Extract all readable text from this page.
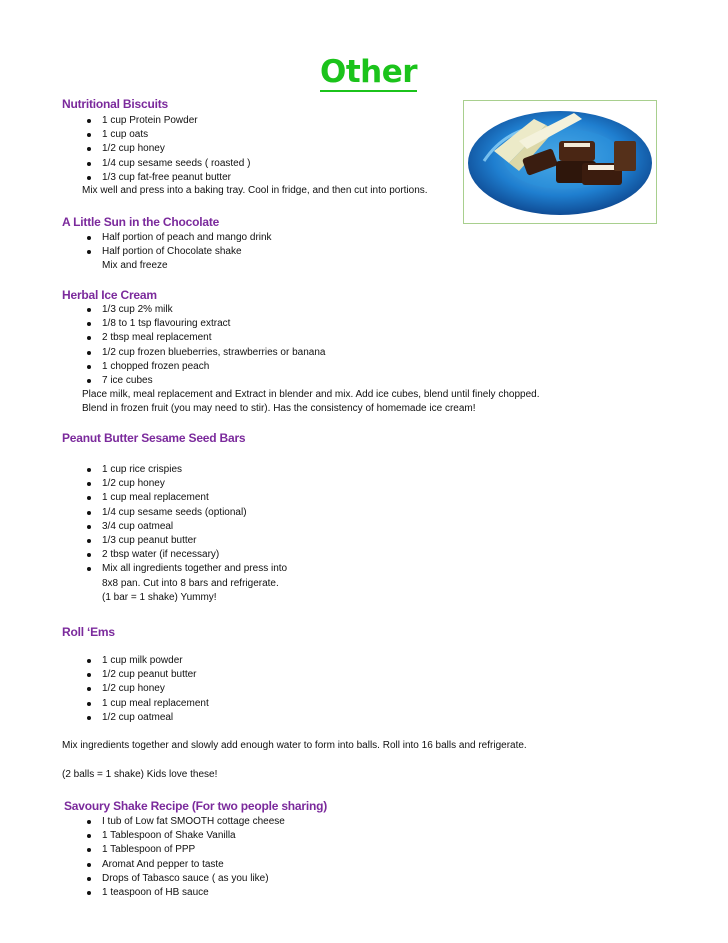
Other
Nutritional Biscuits
1 cup Protein Powder
1 cup oats
1/2 cup honey
1/4 cup sesame seeds ( roasted )
1/3 cup fat-free peanut butter

Mix well and press into a baking tray. Cool in fridge, and then cut into portions.

A Little Sun in the Chocolate
Half portion of peach and mango drink
Half portion of Chocolate shake
Mix and freeze
Herbal Ice Cream
1/3 cup 2% milk
1/8 to 1 tsp flavouring extract
2 tbsp meal replacement
1/2 cup frozen blueberries, strawberries or banana
1 chopped frozen peach
7 ice cubes

Place milk, meal replacement and Extract in blender and mix. Add ice cubes, blend until finely chopped.

Blend in frozen fruit (you may need to stir). Has the consistency of homemade ice cream!

Peanut Butter Sesame Seed Bars
1 cup rice crispies
1/2 cup honey
1 cup meal replacement
1/4 cup sesame seeds (optional)
3/4 cup oatmeal
1/3 cup peanut butter
2 tbsp water (if necessary)
Mix all ingredients together and press into
8x8 pan. Cut into 8 bars and refrigerate.
(1 bar = 1 shake) Yummy!
Roll ‘Ems
1 cup milk powder
1/2 cup peanut butter
1/2 cup honey
1 cup meal replacement
1/2 cup oatmeal

Mix ingredients together and slowly add enough water to form into balls. Roll into 16 balls and refrigerate.

(2 balls = 1 shake) Kids love these!

Savoury Shake Recipe (For two people sharing)
I tub of Low fat SMOOTH cottage cheese
1 Tablespoon of Shake Vanilla
1 Tablespoon of PPP
Aromat And pepper to taste
Drops of Tabasco sauce ( as you like)
1 teaspoon of HB sauce
